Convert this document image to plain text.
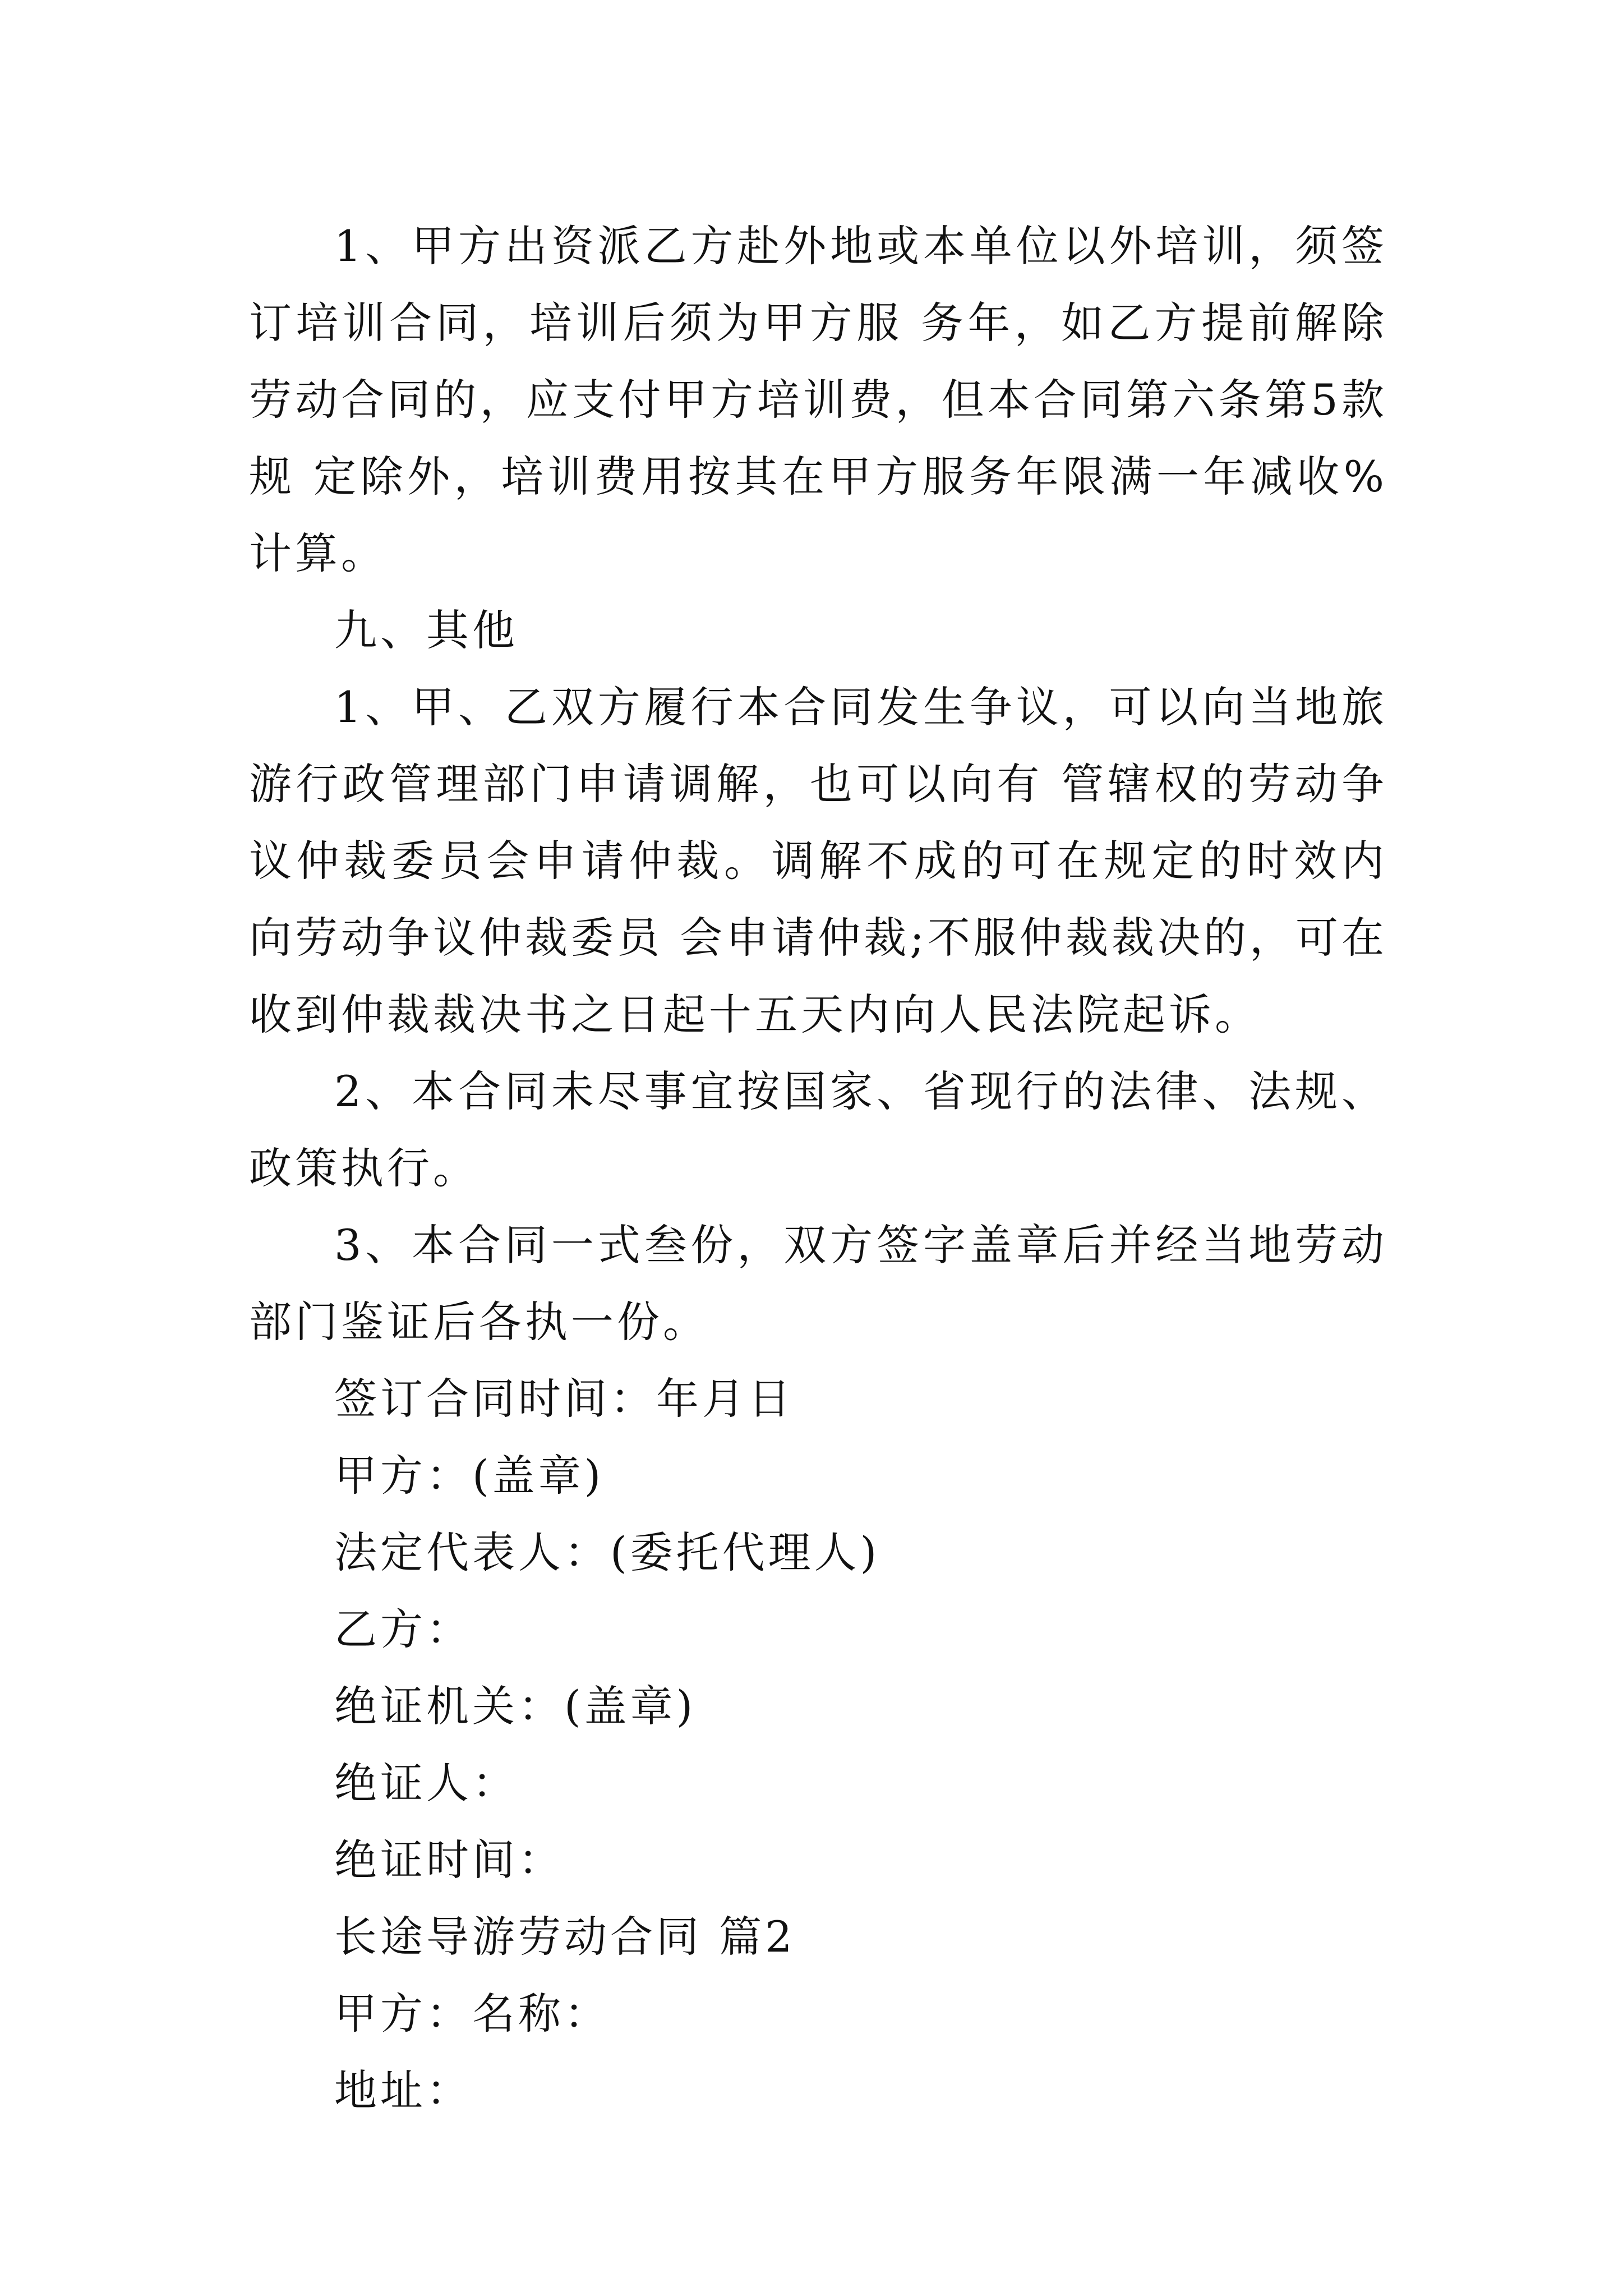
1、甲方出资派乙方赴外地或本单位以外培训，须签订培训合同，培训后须为甲方服 务年，如乙方提前解除劳动合同的，应支付甲方培训费，但本合同第六条第5款规 定除外，培训费用按其在甲方服务年限满一年减收%计算。

九、其他

1、甲、乙双方履行本合同发生争议，可以向当地旅游行政管理部门申请调解，也可以向有 管辖权的劳动争议仲裁委员会申请仲裁。调解不成的可在规定的时效内向劳动争议仲裁委员 会申请仲裁;不服仲裁裁决的，可在收到仲裁裁决书之日起十五天内向人民法院起诉。

2、本合同未尽事宜按国家、省现行的法律、法规、政策执行。

3、本合同一式叁份，双方签字盖章后并经当地劳动部门鉴证后各执一份。

签订合同时间：年月日

甲方：(盖章)

法定代表人：(委托代理人)

乙方：

绝证机关：(盖章)

绝证人：

绝证时间：

长途导游劳动合同 篇2

甲方：名称：

地址：
